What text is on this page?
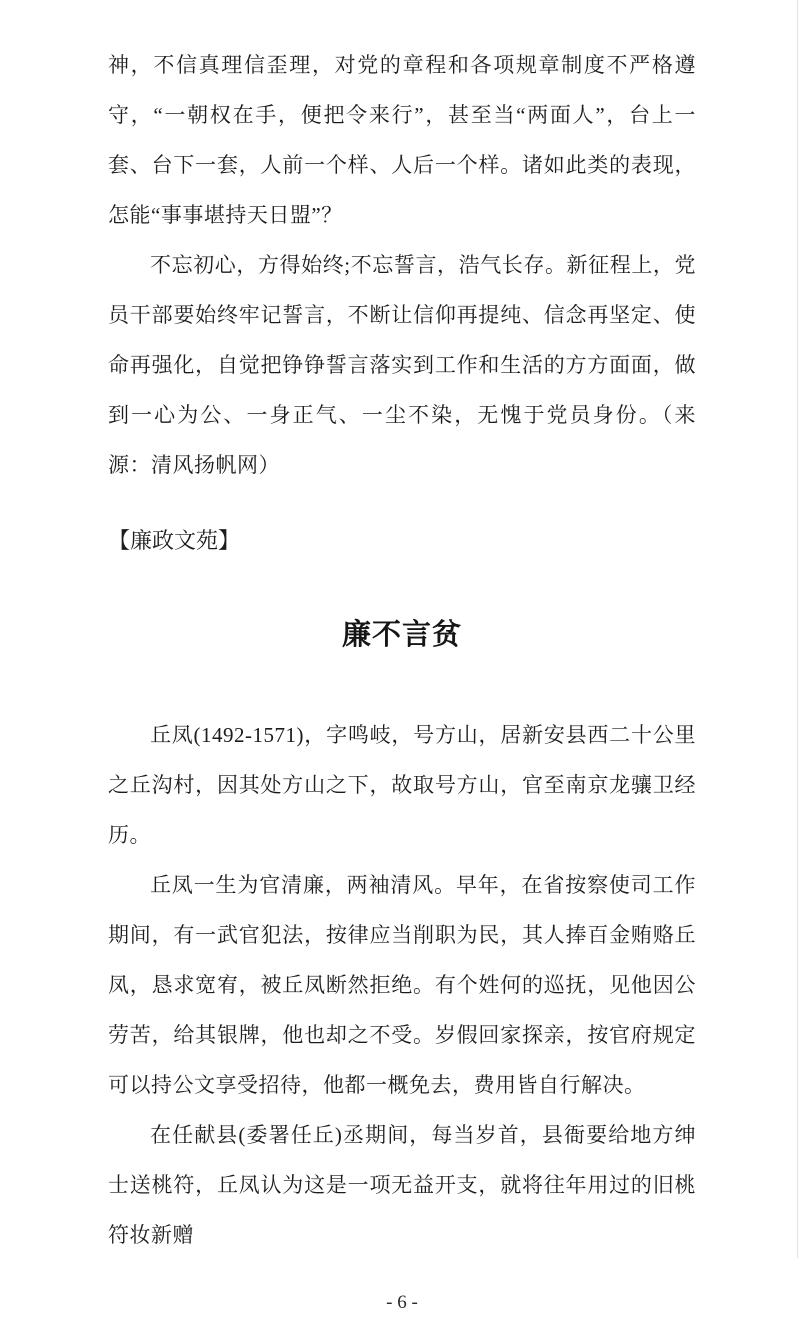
神，不信真理信歪理，对党的章程和各项规章制度不严格遵守，“一朝权在手，便把令来行”，甚至当“两面人”，台上一套、台下一套，人前一个样、人后一个样。诸如此类的表现，怎能“事事堪持天日盟”？

不忘初心，方得始终;不忘誓言，浩气长存。新征程上，党员干部要始终牢记誓言，不断让信仰再提纯、信念再坚定、使命再强化，自觉把铮铮誓言落实到工作和生活的方方面面，做到一心为公、一身正气、一尘不染，无愧于党员身份。（来源：清风扬帆网）

【廉政文苑】
廉不言贫

丘凤(1492-1571)，字鸣岐，号方山，居新安县西二十公里之丘沟村，因其处方山之下，故取号方山，官至南京龙骧卫经历。

丘凤一生为官清廉，两袖清风。早年，在省按察使司工作期间，有一武官犯法，按律应当削职为民，其人捧百金贿赂丘凤，恳求宽宥，被丘凤断然拒绝。有个姓何的巡抚，见他因公劳苦，给其银牌，他也却之不受。岁假回家探亲，按官府规定可以持公文享受招待，他都一概免去，费用皆自行解决。

在任献县(委署任丘)丞期间，每当岁首，县衙要给地方绅士送桃符，丘凤认为这是一项无益开支，就将往年用过的旧桃符妆新赠

- 6 -
